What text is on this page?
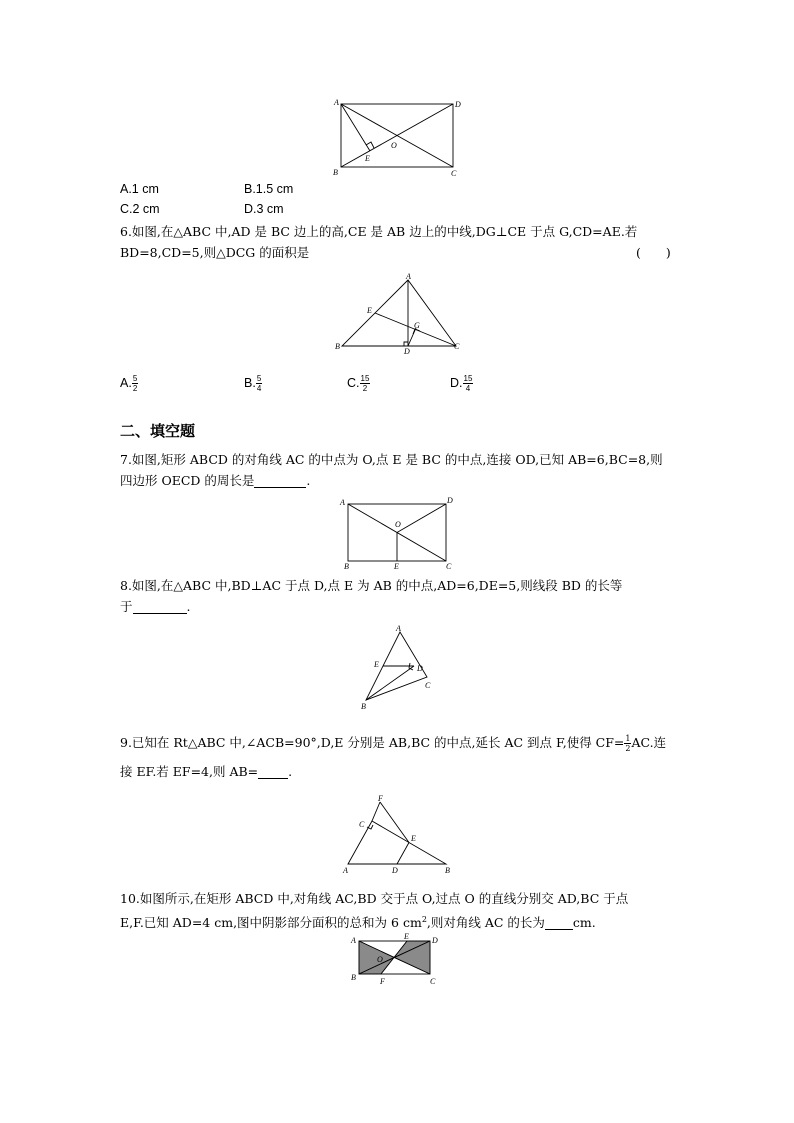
A	D
O
E
B	C
A.1 cm	B.1.5 cm
C.2 cm	D.3 cm
6.如图,在△ABC 中,AD 是 BC 边上的高,CE 是 AB 边上的中线,DG⊥CE 于点 G,CD=AE.若
BD=8,CD=5,则△DCG 的面积是	(　　)
A
E
G
B
D
C
A. $\frac{5}{2}$	B. $\frac{5}{4}$	C. $\frac{15}{2}$	D. $\frac{15}{4}$
二、填空题
7.如图,矩形 ABCD 的对角线 AC 的中点为 O,点 E 是 BC 的中点,连接 OD,已知 AB=6,BC=8,则
四边形 OECD 的周长是	.
A	D
O
B	E	C
8.如图,在△ABC 中,BD⊥AC 于点 D,点 E 为 AB 的中点,AD=6,DE=5,则线段 BD 的长等
于	.
A
E	D
C
B
9.已知在 Rt△ABC 中,∠ACB=90°,D,E 分别是 AB,BC 的中点,延长 AC 到点 F,使得 $CF= \frac{1}{2}$ AC.连
接 EF.若 EF=4,则 AB= .
F
C
E
A	D	B
10.如图所示,在矩形 ABCD 中,对角线 AC,BD 交于点 O,过点 O 的直线分别交 AD,BC 于点
E,F.已知 AD=4 cm,图中阴影部分面积的总和为 6 $cm^2$,则对角线 AC 的长为 cm.
A	E	D
O
B	F	C
